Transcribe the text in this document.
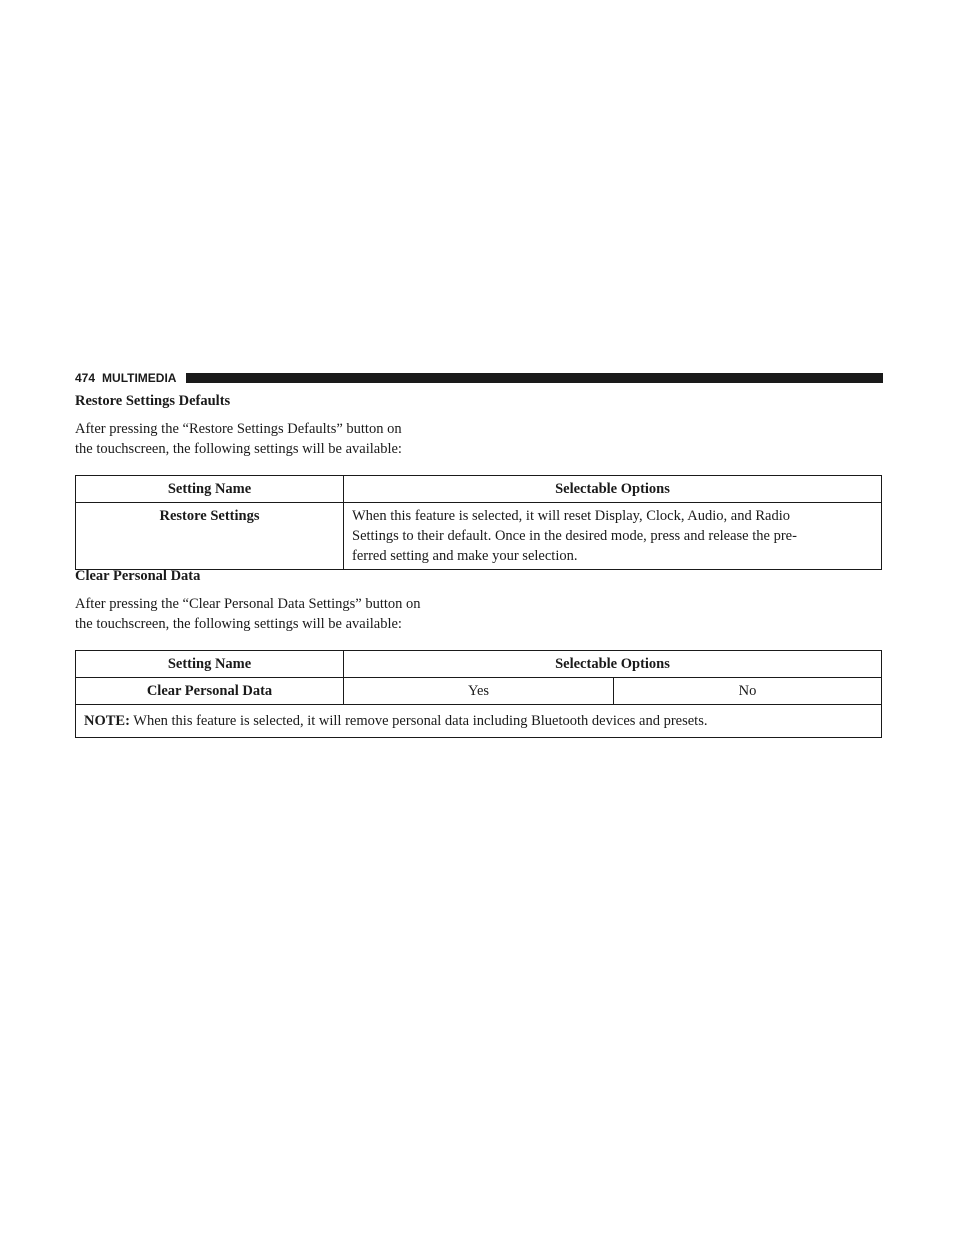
474 MULTIMEDIA
Restore Settings Defaults
After pressing the “Restore Settings Defaults” button on
the touchscreen, the following settings will be available:
Setting Name	Selectable Options
Restore Settings	When this feature is selected, it will reset Display, Clock, Audio, and Radio
Settings to their default. Once in the desired mode, press and release the pre-
ferred setting and make your selection.
Clear Personal Data
After pressing the “Clear Personal Data Settings” button on
the touchscreen, the following settings will be available:
Setting Name	Selectable Options	
Clear Personal Data	Yes	No
NOTE: When this feature is selected, it will remove personal data including Bluetooth devices and presets.		
